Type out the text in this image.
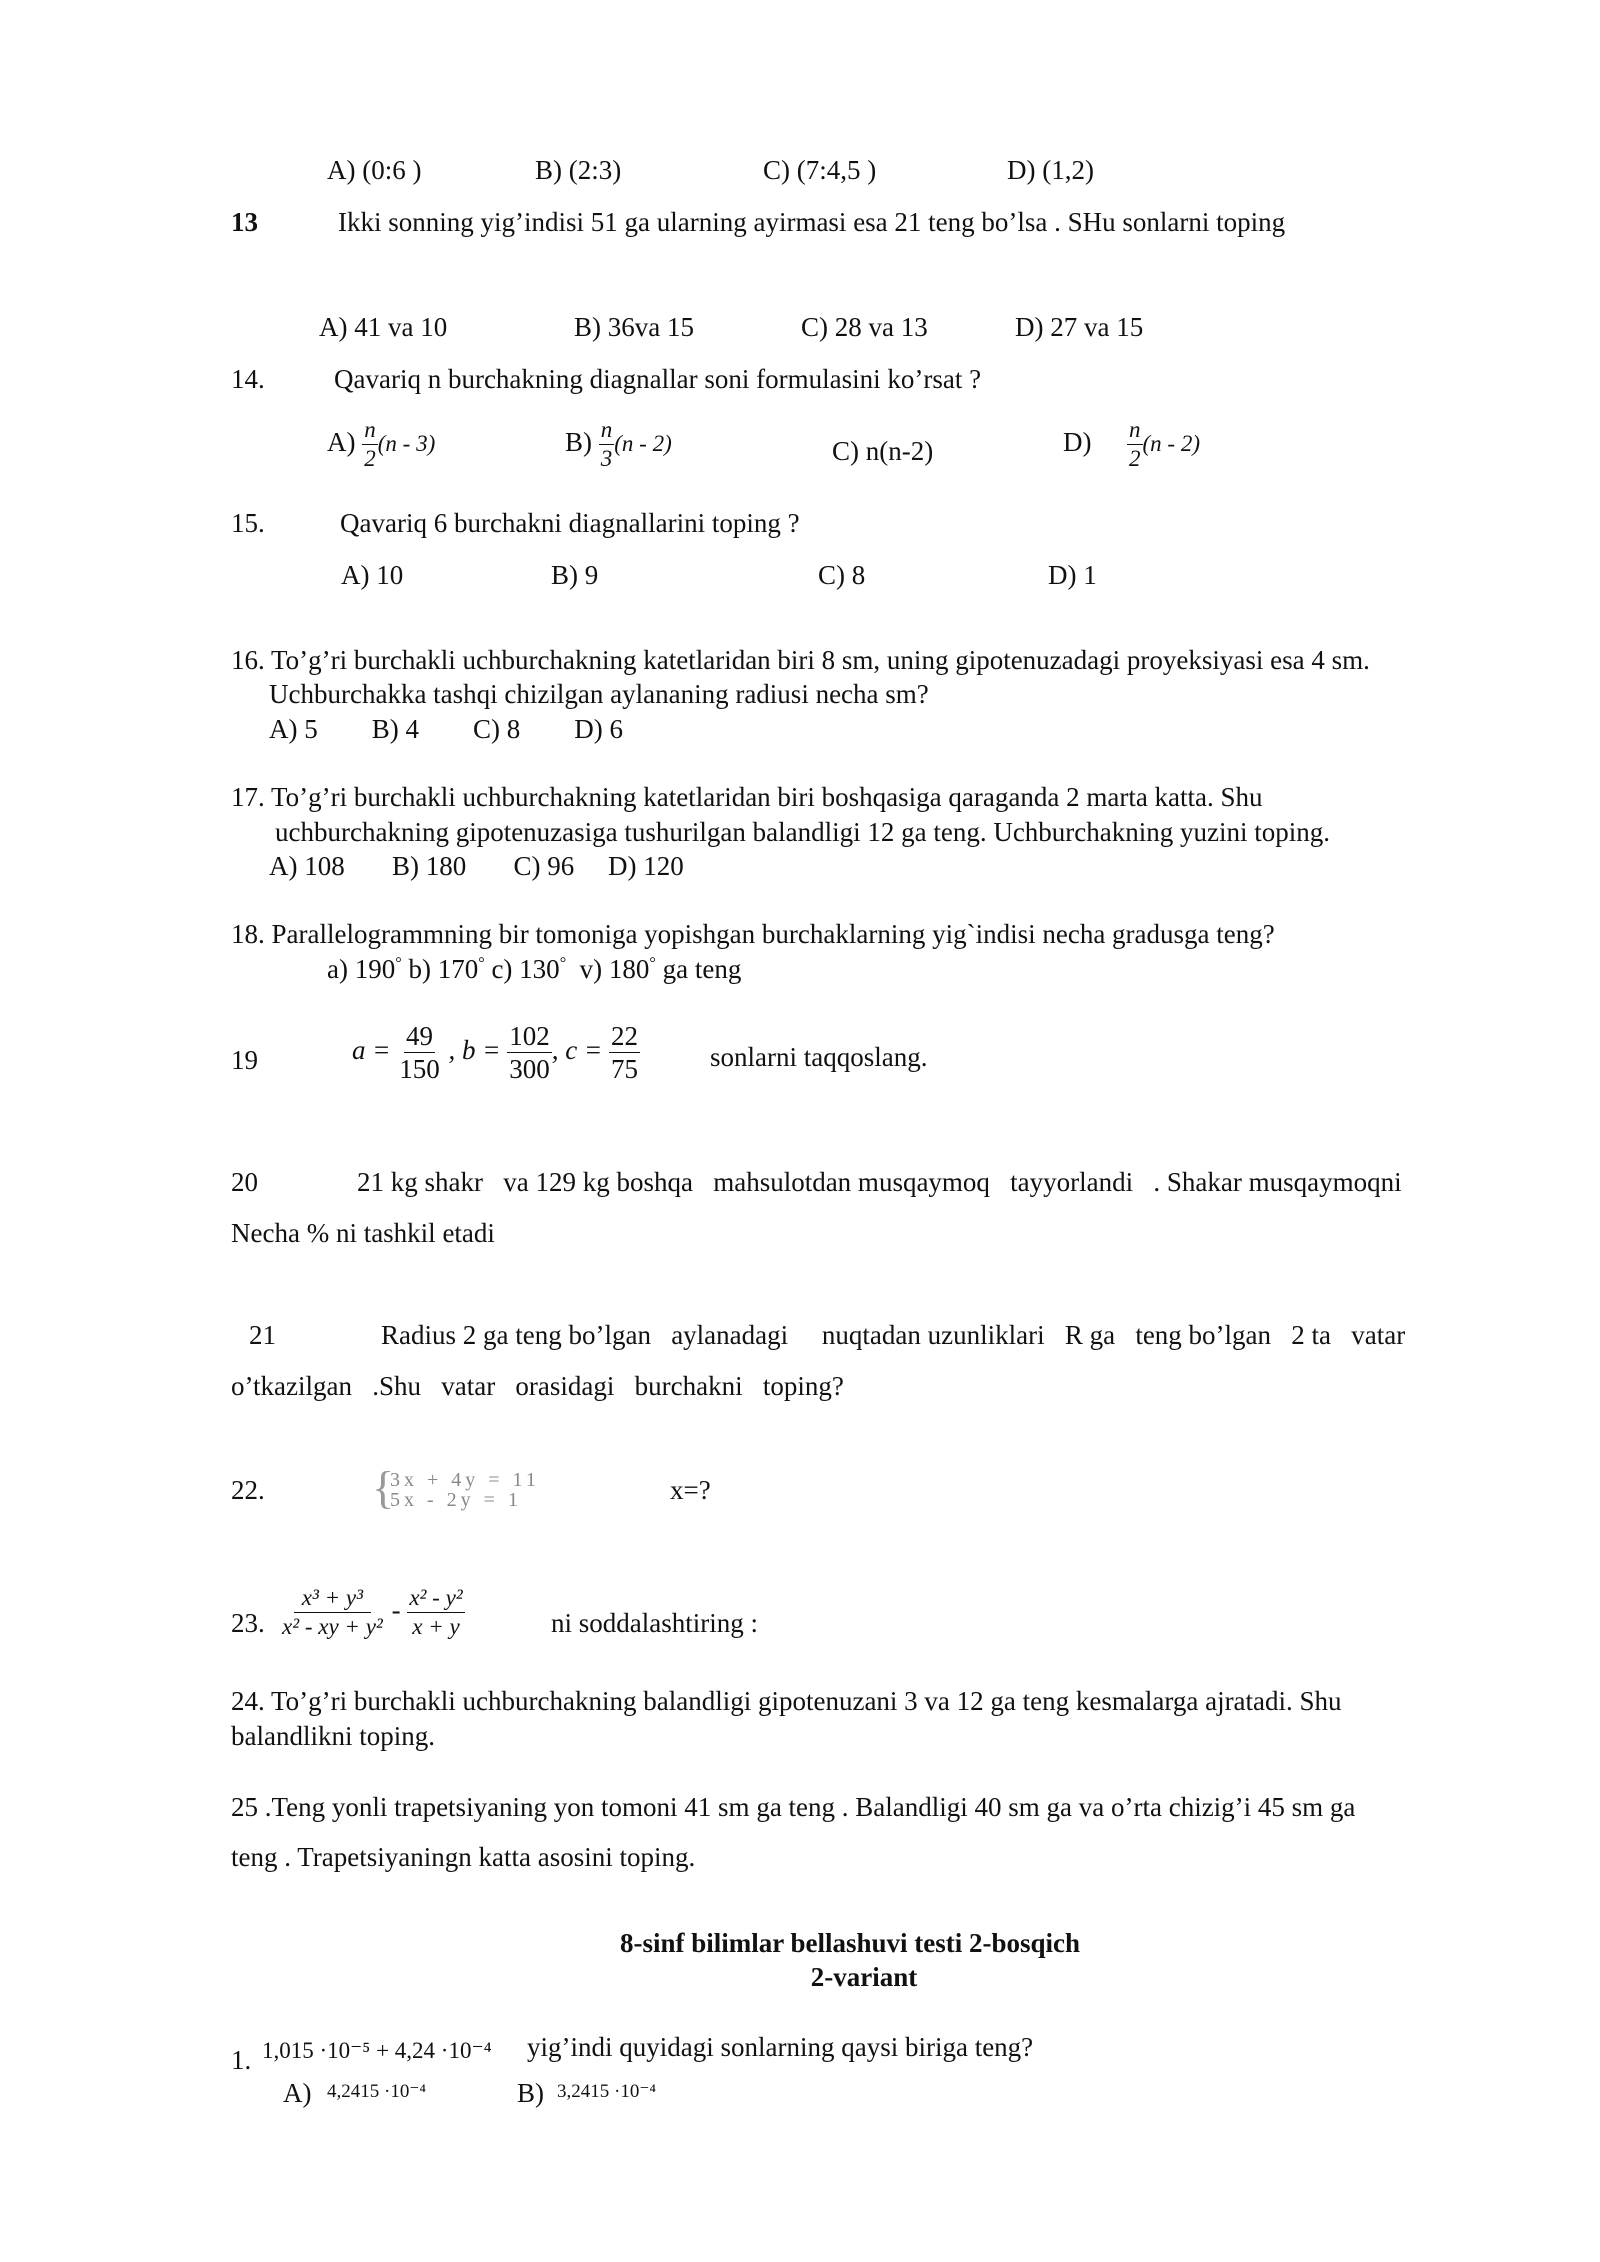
A) (0:6 )	B) (2:3)	C) (7:4,5 )	D) (1,2)
13	Ikki sonning yig’indisi 51 ga ularning ayirmasi esa 21 teng bo’lsa . SHu sonlarni toping
A) 41 va 10	B) 36va 15	C) 28 va 13	D) 27 va 15
14.	Qavariq n burchakning diagnallar soni formulasini ko’rsat ?
$A) \frac{n}{2} (n - 3)$	$B) \frac{n}{3} (n - 2)$	C) n(n-2)	$D) \frac{n}{2} (n - 2)$
15.	Qavariq 6 burchakni diagnallarini toping ?
A) 10	B) 9	C) 8	D) 1
16. To’g’ri burchakli uchburchakning katetlaridan biri 8 sm, uning gipotenuzadagi proyeksiyasi esa 4 sm.
Uchburchakka tashqi chizilgan aylananing radiusi necha sm?
A) 5        B) 4        C) 8        D) 6
17. To’g’ri burchakli uchburchakning katetlaridan biri boshqasiga qaraganda 2 marta katta. Shu
uchburchakning gipotenuzasiga tushurilgan balandligi 12 ga teng. Uchburchakning yuzini toping.
A) 108       B) 180       C) 96     D) 120
18. Parallelogrammning bir tomoniga yopishgan burchaklarning yig`indisi necha gradusga teng?
a) 190° b) 170° c) 130°  v) 180° ga teng
19	$a = \frac{49}{150}$ , $b = \frac{102}{300}$ , $c = \frac{22}{75}$	sonlarni taqqoslang.
20	21 kg shakr   va 129 kg boshqa   mahsulotdan musqaymoq   tayyorlandi   . Shakar musqaymoqni
Necha % ni tashkil etadi
21	Radius 2 ga teng bo’lgan   aylanadagi     nuqtadan uzunliklari   R ga   teng bo’lgan   2 ta   vatar
o’tkazilgan   .Shu   vatar   orasidagi   burchakni   toping?
22. {
3x + 4y = 11
5x - 2y = 1	x=?
23. $\frac{\text{x³ + y³}}{\text{x² - xy + y²}} - \frac{\text{x² - y²}}{x + y}$	ni soddalashtiring :
24. To’g’ri burchakli uchburchakning balandligi gipotenuzani 3 va 12 ga teng kesmalarga ajratadi. Shu
balandlikni toping.
25 .Teng yonli trapetsiyaning yon tomoni 41 sm ga teng . Balandligi 40 sm ga va o’rta chizig’i 45 sm ga
teng . Trapetsiyaningn katta asosini toping.
8-sinf bilimlar bellashuvi testi 2-bosqich
2-variant
1. 1,015 ·10⁻⁵ + 4,24 ·10⁻⁴ yig’indi quyidagi sonlarning qaysi biriga teng?
A) 4,2415 ·10⁻⁴	B) 3,2415 ·10⁻⁴
